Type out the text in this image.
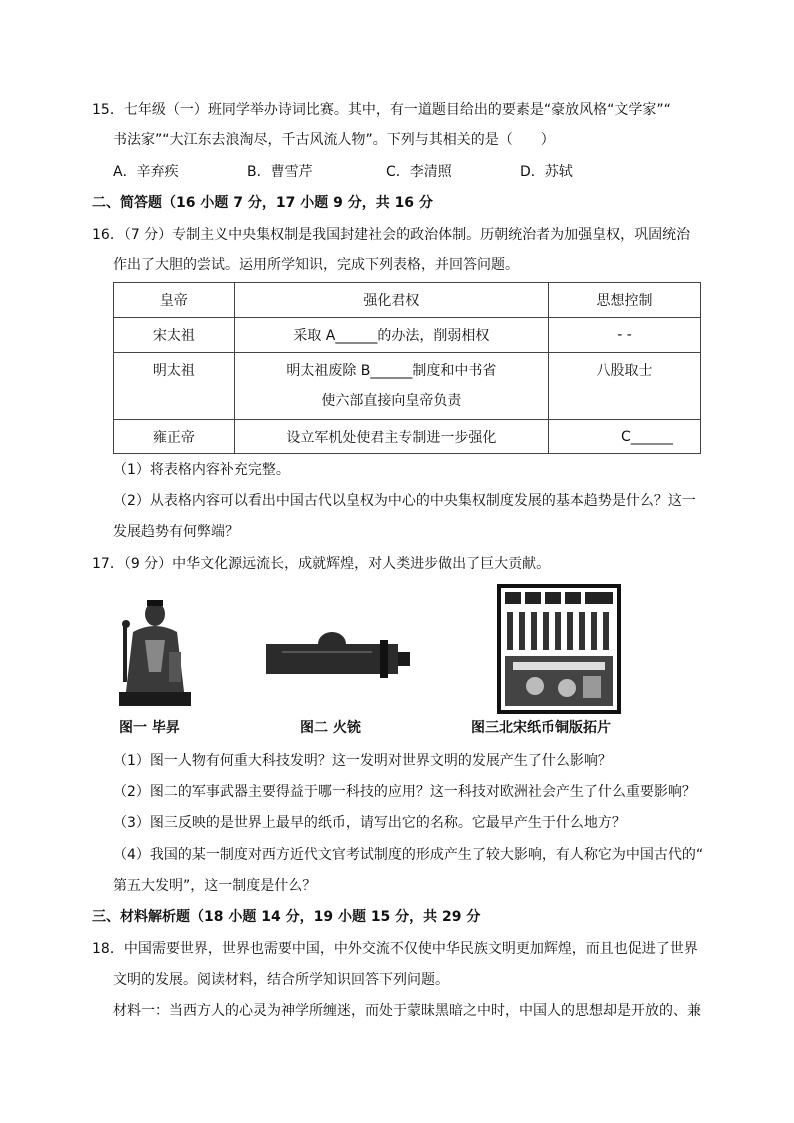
15．七年级（一）班同学举办诗词比赛。其中，有一道题目给出的要素是“豪放风格“文学家”“
书法家”“大江东去浪淘尽，千古风流人物”。下列与其相关的是（　　）
A．辛弃疾	B．曹雪芹	C．李清照	D．苏轼
二、简答题（16 小题 7 分，17 小题 9 分，共 16 分
16．（7 分）专制主义中央集权制是我国封建社会的政治体制。历朝统治者为加强皇权，巩固统治
作出了大胆的尝试。运用所学知识，完成下列表格，并回答问题。
皇帝	强化君权	思想控制
宋太祖	采取 A______的办法，削弱相权	- -
明太祖	明太祖废除 B______制度和中书省
使六部直接向皇帝负责	八股取士
雍正帝	设立军机处使君主专制进一步强化	C______
（1）将表格内容补充完整。
（2）从表格内容可以看出中国古代以皇权为中心的中央集权制度发展的基本趋势是什么？这一
发展趋势有何弊端？
17．（9 分）中华文化源远流长，成就辉煌，对人类进步做出了巨大贡献。
图一 毕昇	图二 火铳	图三北宋纸币铜版拓片
（1）图一人物有何重大科技发明？这一发明对世界文明的发展产生了什么影响？
（2）图二的军事武器主要得益于哪一科技的应用？这一科技对欧洲社会产生了什么重要影响？
（3）图三反映的是世界上最早的纸币，请写出它的名称。它最早产生于什么地方？
（4）我国的某一制度对西方近代文官考试制度的形成产生了较大影响，有人称它为中国古代的“
第五大发明”，这一制度是什么？
三、材料解析题（18 小题 14 分，19 小题 15 分，共 29 分
18．中国需要世界，世界也需要中国，中外交流不仅使中华民族文明更加辉煌，而且也促进了世界
文明的发展。阅读材料，结合所学知识回答下列问题。
材料一：当西方人的心灵为神学所缠迷，而处于蒙昧黑暗之中时，中国人的思想却是开放的、兼
